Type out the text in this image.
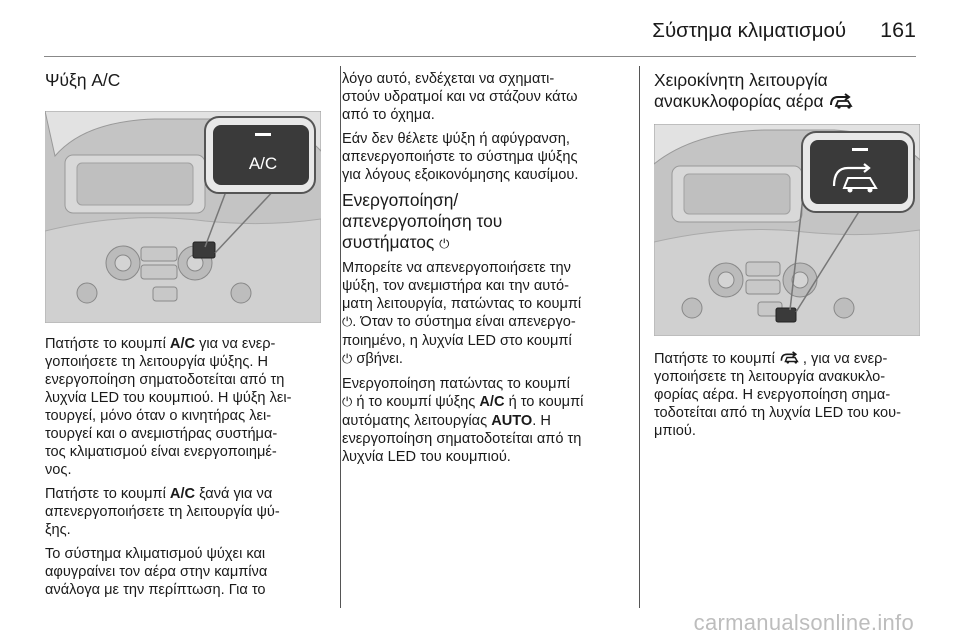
Σύστημα κλιματισμού 161
Ψύξη A/C
A/C

Πατήστε το κουμπί A/C για να ενερ-
γοποιήσετε τη λειτουργία ψύξης. Η
ενεργοποίηση σηματοδοτείται από τη
λυχνία LED του κουμπιού. Η ψύξη λει-
τουργεί, μόνο όταν ο κινητήρας λει-
τουργεί και ο ανεμιστήρας συστήμα-
τος κλιματισμού είναι ενεργοποιημέ-
νος.

Πατήστε το κουμπί A/C ξανά για να
απενεργοποιήσετε τη λειτουργία ψύ-
ξης.

Το σύστημα κλιματισμού ψύχει και
αφυγραίνει τον αέρα στην καμπίνα
ανάλογα με την περίπτωση. Για το

λόγο αυτό, ενδέχεται να σχηματι-
στούν υδρατμοί και να στάζουν κάτω
από το όχημα.

Εάν δεν θέλετε ψύξη ή αφύγρανση,
απενεργοποιήστε το σύστημα ψύξης
για λόγους εξοικονόμησης καυσίμου.

Ενεργοποίηση/
απενεργοποίηση του
συστήματος ⏻

Μπορείτε να απενεργοποιήσετε την
ψύξη, τον ανεμιστήρα και την αυτό-
ματη λειτουργία, πατώντας το κουμπί
⏻. Όταν το σύστημα είναι απενεργο-
ποιημένο, η λυχνία LED στο κουμπί
⏻ σβήνει.

Ενεργοποίηση πατώντας το κουμπί
⏻ ή το κουμπί ψύξης A/C ή το κουμπί
αυτόματης λειτουργίας AUTO. Η
ενεργοποίηση σηματοδοτείται από τη
λυχνία LED του κουμπιού.

Χειροκίνητη λειτουργία
ανακυκλοφορίας αέρα

Πατήστε το κουμπί , για να ενερ-
γοποιήσετε τη λειτουργία ανακυκλο-
φορίας αέρα. Η ενεργοποίηση σημα-
τοδοτείται από τη λυχνία LED του κου-
μπιού.

carmanualsonline.info
